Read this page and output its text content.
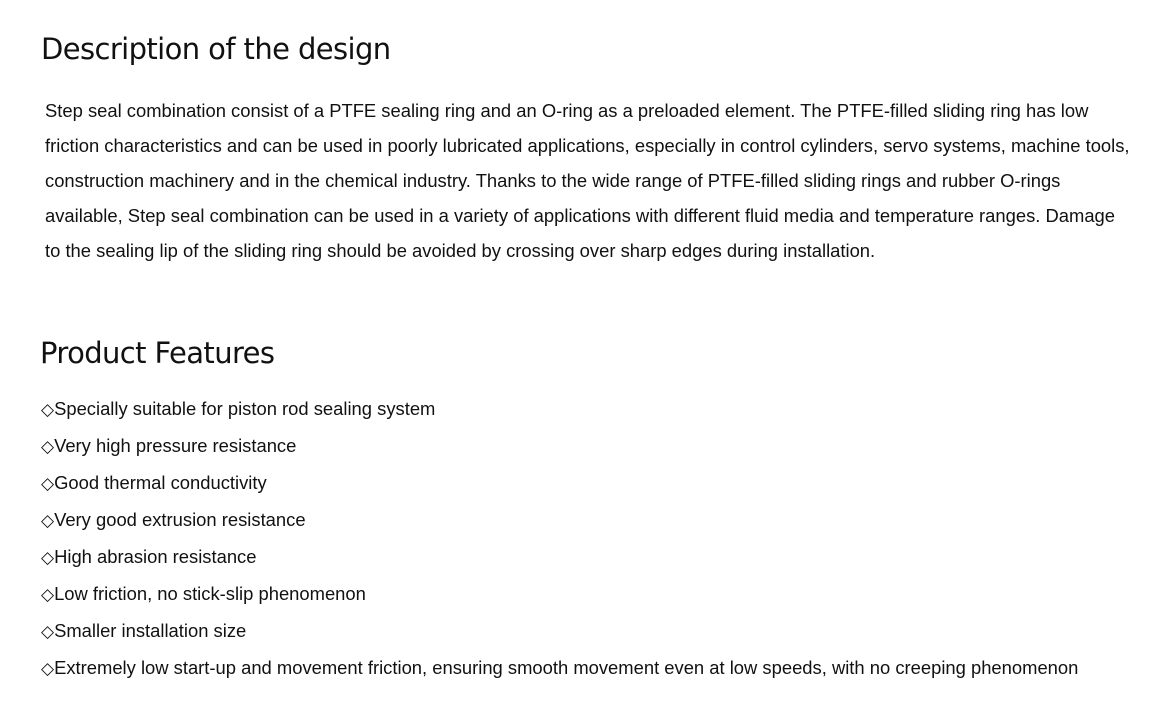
Description of the design

Step seal combination consist of a PTFE sealing ring and an O-ring as a preloaded element. The PTFE-filled sliding ring has low friction characteristics and can be used in poorly lubricated applications, especially in control cylinders, servo systems, machine tools, construction machinery and in the chemical industry. Thanks to the wide range of PTFE-filled sliding rings and rubber O-rings available, Step seal combination can be used in a variety of applications with different fluid media and temperature ranges. Damage to the sealing lip of the sliding ring should be avoided by crossing over sharp edges during installation.

Product Features
◇Specially suitable for piston rod sealing system
◇Very high pressure resistance
◇Good thermal conductivity
◇Very good extrusion resistance
◇High abrasion resistance
◇Low friction, no stick-slip phenomenon
◇Smaller installation size
◇Extremely low start-up and movement friction, ensuring smooth movement even at low speeds, with no creeping phenomenon
